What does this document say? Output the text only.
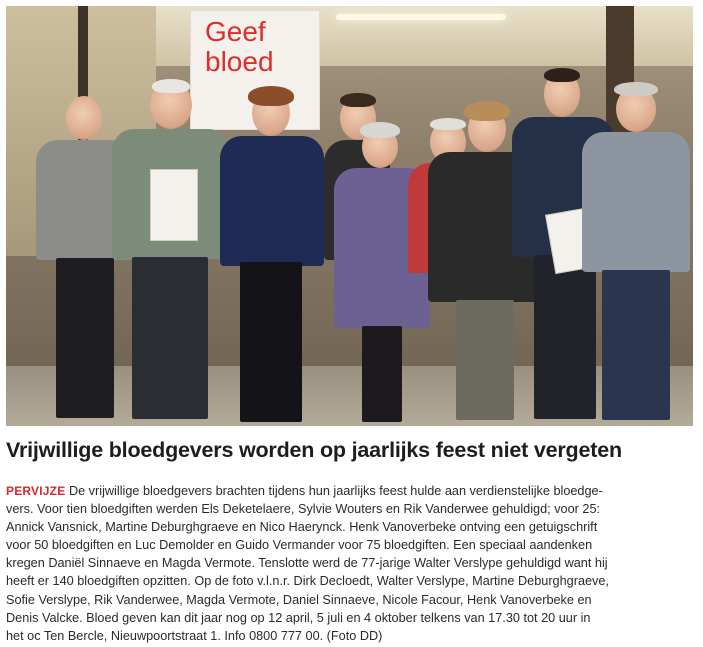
Geef
bloed
Vrijwillige bloedgevers worden op jaarlijks feest niet vergeten
PERVIJZE De vrijwillige bloedgevers brachten tijdens hun jaarlijks feest hulde aan verdienstelijke bloedge-
vers. Voor tien bloedgiften werden Els Deketelaere, Sylvie Wouters en Rik Vanderwee gehuldigd; voor 25:
Annick Vansnick, Martine Deburghgraeve en Nico Haerynck. Henk Vanoverbeke ontving een getuigschrift
voor 50 bloedgiften en Luc Demolder en Guido Vermander voor 75 bloedgiften. Een speciaal aandenken
kregen Daniël Sinnaeve en Magda Vermote. Tenslotte werd de 77-jarige Walter Verslype gehuldigd want hij
heeft er 140 bloedgiften opzitten. Op de foto v.l.n.r. Dirk Decloedt, Walter Verslype, Martine Deburghgraeve,
Sofie Verslype, Rik Vanderwee, Magda Vermote, Daniel Sinnaeve, Nicole Facour, Henk Vanoverbeke en
Denis Valcke. Bloed geven kan dit jaar nog op 12 april, 5 juli en 4 oktober telkens van 17.30 tot 20 uur in
het oc Ten Bercle, Nieuwpoortstraat 1. Info 0800 777 00. (Foto DD)
